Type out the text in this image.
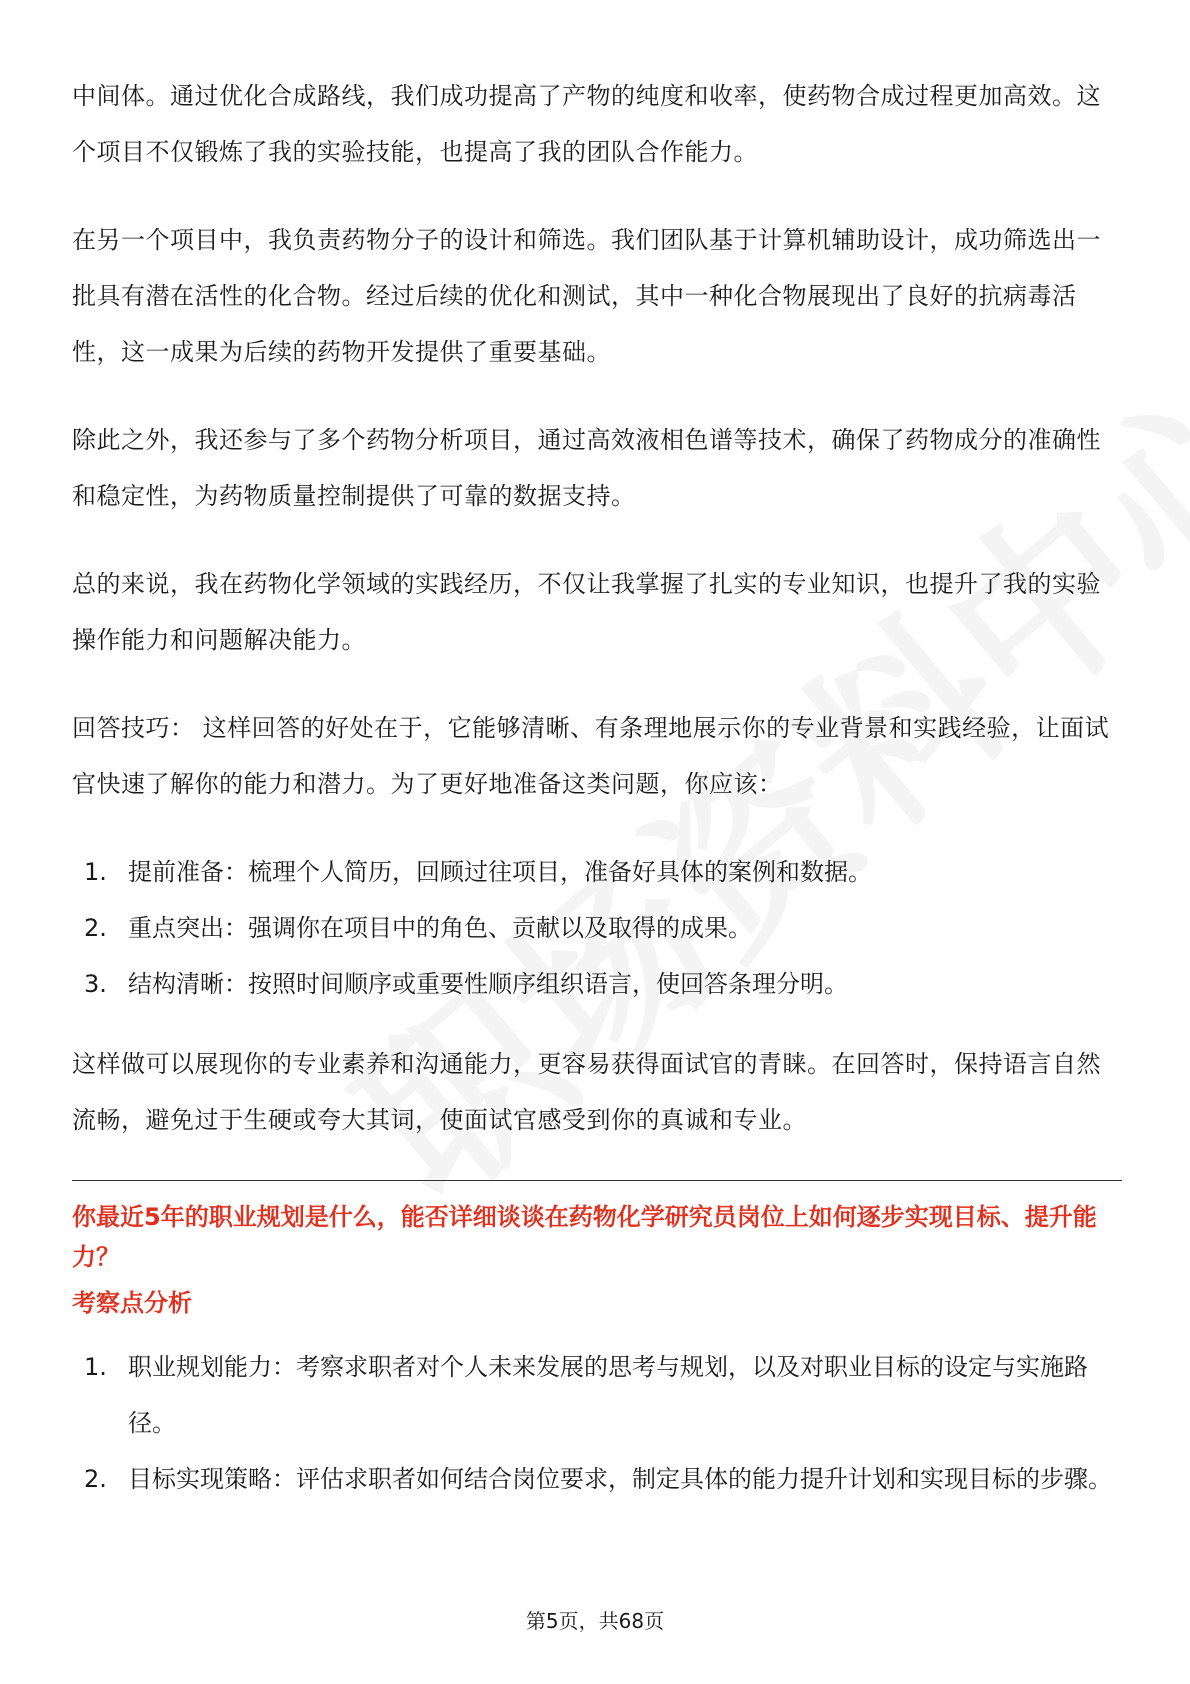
中间体。通过优化合成路线，我们成功提高了产物的纯度和收率，使药物合成过程更加高效。这个项目不仅锻炼了我的实验技能，也提高了我的团队合作能力。

在另一个项目中，我负责药物分子的设计和筛选。我们团队基于计算机辅助设计，成功筛选出一批具有潜在活性的化合物。经过后续的优化和测试，其中一种化合物展现出了良好的抗病毒活性，这一成果为后续的药物开发提供了重要基础。

除此之外，我还参与了多个药物分析项目，通过高效液相色谱等技术，确保了药物成分的准确性和稳定性，为药物质量控制提供了可靠的数据支持。

总的来说，我在药物化学领域的实践经历，不仅让我掌握了扎实的专业知识，也提升了我的实验操作能力和问题解决能力。

回答技巧： 这样回答的好处在于，它能够清晰、有条理地展示你的专业背景和实践经验，让面试官快速了解你的能力和潜力。为了更好地准备这类问题，你应该：

1. 提前准备：梳理个人简历，回顾过往项目，准备好具体的案例和数据。
2. 重点突出：强调你在项目中的角色、贡献以及取得的成果。
3. 结构清晰：按照时间顺序或重要性顺序组织语言，使回答条理分明。

这样做可以展现你的专业素养和沟通能力，更容易获得面试官的青睐。在回答时，保持语言自然流畅，避免过于生硬或夸大其词，使面试官感受到你的真诚和专业。

你最近5年的职业规划是什么，能否详细谈谈在药物化学研究员岗位上如何逐步实现目标、提升能力？
考察点分析
1. 职业规划能力：考察求职者对个人未来发展的思考与规划，以及对职业目标的设定与实施路径。
2. 目标实现策略：评估求职者如何结合岗位要求，制定具体的能力提升计划和实现目标的步骤。
第5页，共68页
